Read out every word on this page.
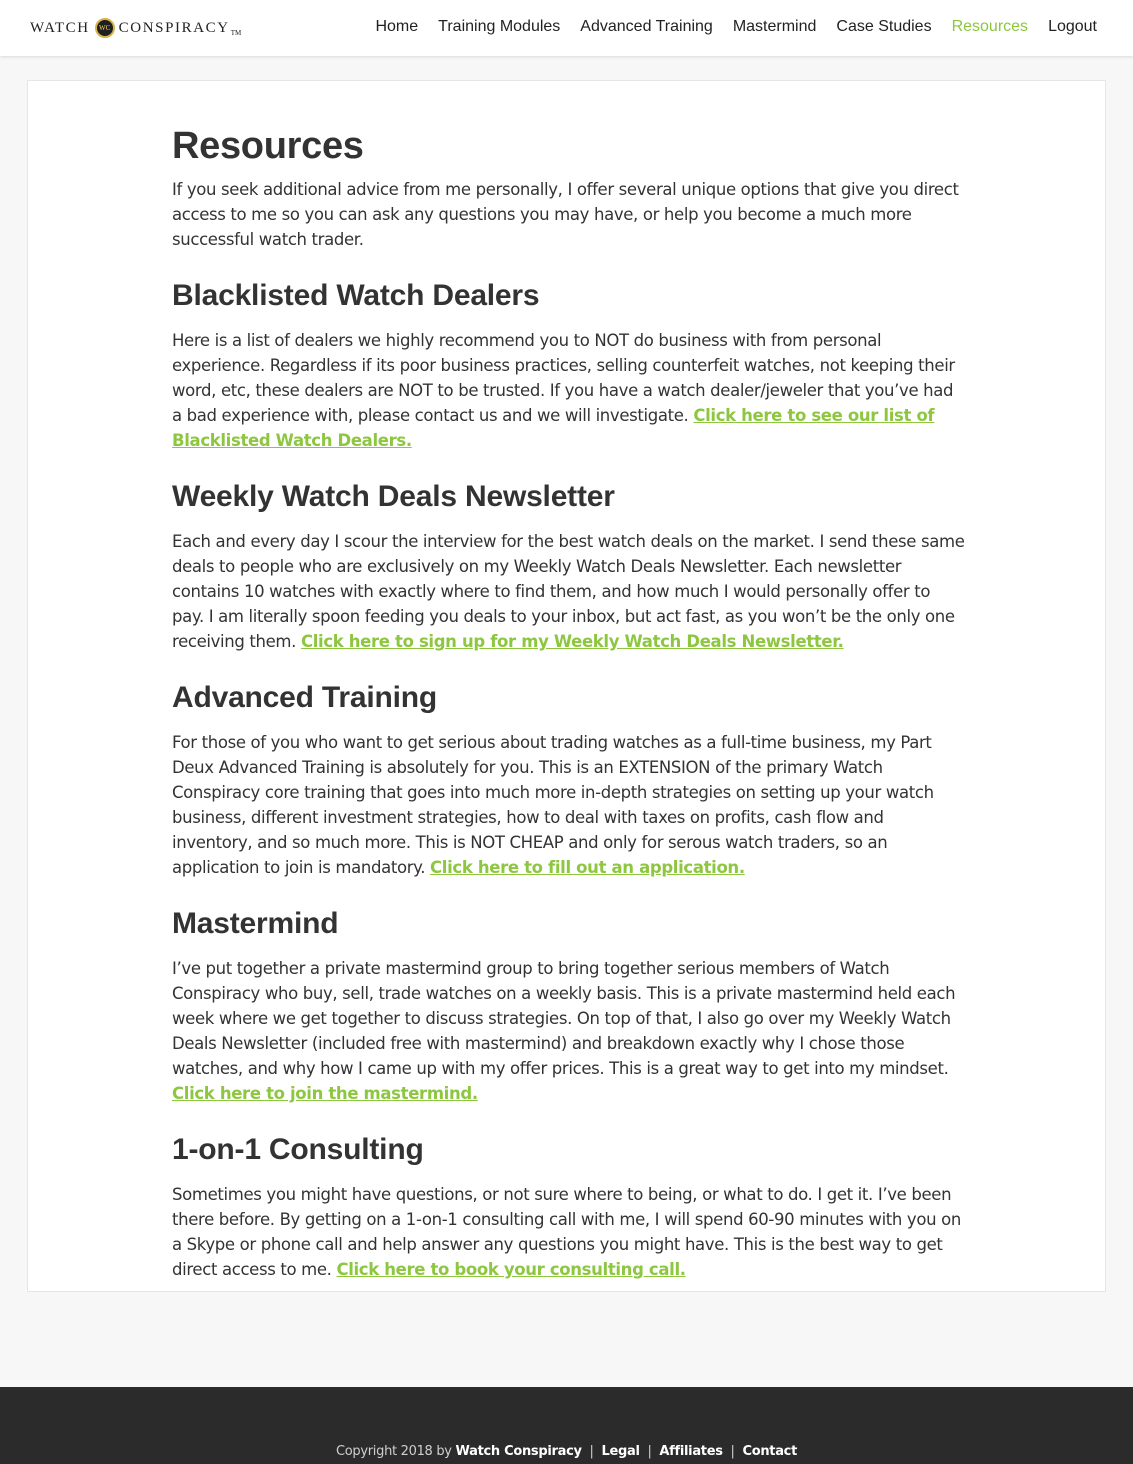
WATCH	WC CONSPIRACY TM	Home Training Modules Advanced Training Mastermind Case Studies Resources Logout
Resources

If you seek additional advice from me personally, I offer several unique options that give you direct access to me so you can ask any questions you may have, or help you become a much more successful watch trader.

Blacklisted Watch Dealers

Here is a list of dealers we highly recommend you to NOT do business with from personal experience. Regardless if its poor business practices, selling counterfeit watches, not keeping their word, etc, these dealers are NOT to be trusted. If you have a watch dealer/jeweler that you’ve had a bad experience with, please contact us and we will investigate. Click here to see our list of Blacklisted Watch Dealers.

Weekly Watch Deals Newsletter

Each and every day I scour the interview for the best watch deals on the market. I send these same deals to people who are exclusively on my Weekly Watch Deals Newsletter. Each newsletter contains 10 watches with exactly where to find them, and how much I would personally offer to pay. I am literally spoon feeding you deals to your inbox, but act fast, as you won’t be the only one receiving them. Click here to sign up for my Weekly Watch Deals Newsletter.

Advanced Training

For those of you who want to get serious about trading watches as a full-time business, my Part Deux Advanced Training is absolutely for you. This is an EXTENSION of the primary Watch Conspiracy core training that goes into much more in-depth strategies on setting up your watch business, different investment strategies, how to deal with taxes on profits, cash flow and inventory, and so much more. This is NOT CHEAP and only for serous watch traders, so an application to join is mandatory. Click here to fill out an application.

Mastermind

I’ve put together a private mastermind group to bring together serious members of Watch Conspiracy who buy, sell, trade watches on a weekly basis. This is a private mastermind held each week where we get together to discuss strategies. On top of that, I also go over my Weekly Watch Deals Newsletter (included free with mastermind) and breakdown exactly why I chose those watches, and why how I came up with my offer prices. This is a great way to get into my mindset. Click here to join the mastermind.

1-on-1 Consulting

Sometimes you might have questions, or not sure where to being, or what to do. I get it. I’ve been there before. By getting on a 1-on-1 consulting call with me, I will spend 60-90 minutes with you on a Skype or phone call and help answer any questions you might have. This is the best way to get direct access to me. Click here to book your consulting call.

Copyright 2018 by Watch Conspiracy | Legal | Affiliates | Contact
